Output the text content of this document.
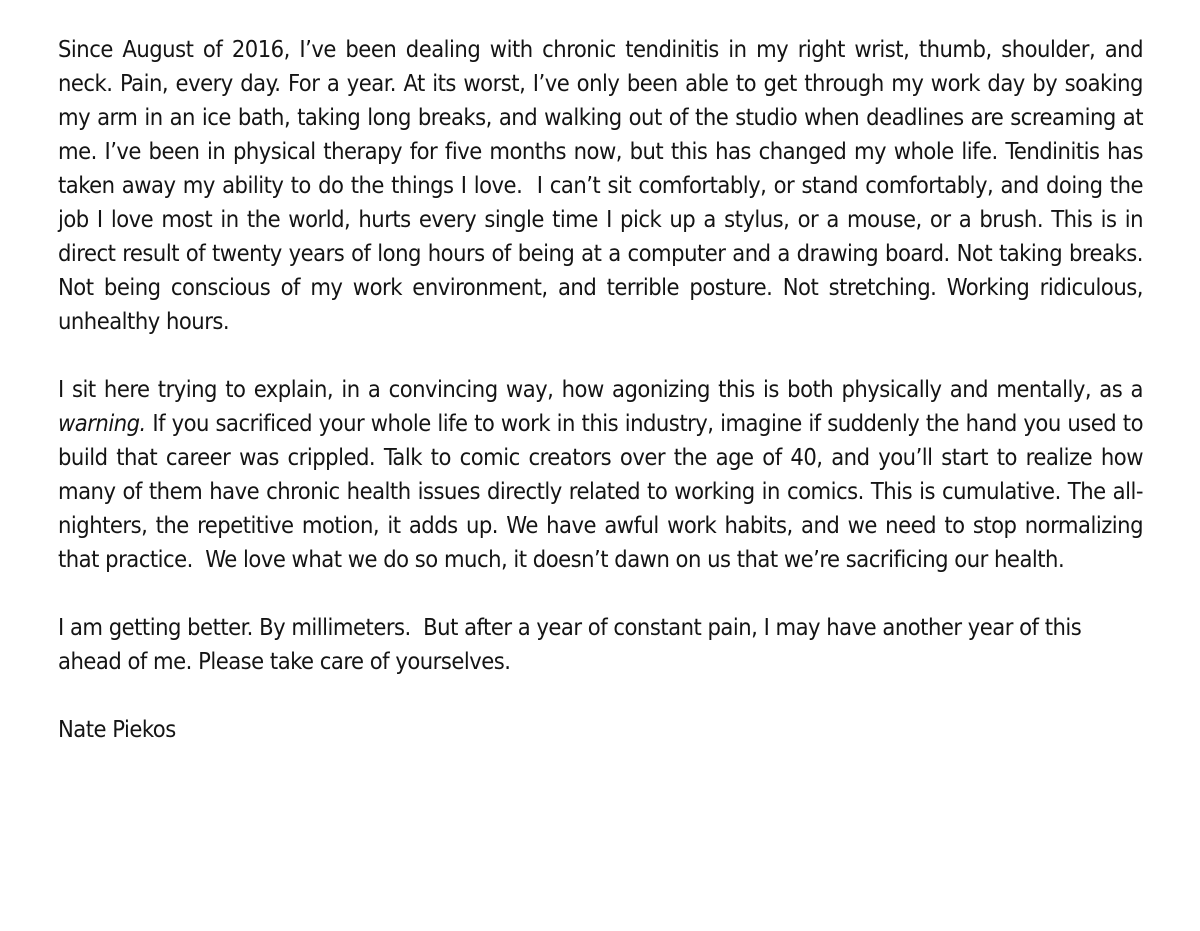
Since August of 2016, I’ve been dealing with chronic tendinitis in my right wrist, thumb, shoulder, and neck. Pain, every day. For a year. At its worst, I’ve only been able to get through my work day by soaking my arm in an ice bath, taking long breaks, and walking out of the studio when deadlines are screaming at me. I’ve been in physical therapy for five months now, but this has changed my whole life. Tendinitis has taken away my ability to do the things I love.  I can’t sit comfortably, or stand comfortably, and doing the job I love most in the world, hurts every single time I pick up a stylus, or a mouse, or a brush. This is in direct result of twenty years of long hours of being at a computer and a drawing board. Not taking breaks. Not being conscious of my work environment, and terrible posture. Not stretching. Working ridiculous, unhealthy hours.

I sit here trying to explain, in a convincing way, how agonizing this is both physically and mentally, as a warning. If you sacrificed your whole life to work in this industry, imagine if suddenly the hand you used to build that career was crippled. Talk to comic creators over the age of 40, and you’ll start to realize how many of them have chronic health issues directly related to working in comics. This is cumulative. The all-nighters, the repetitive motion, it adds up. We have awful work habits, and we need to stop normalizing that practice.  We love what we do so much, it doesn’t dawn on us that we’re sacrificing our health.

I am getting better. By millimeters.  But after a year of constant pain, I may have another year of this ahead of me. Please take care of yourselves.

Nate Piekos
